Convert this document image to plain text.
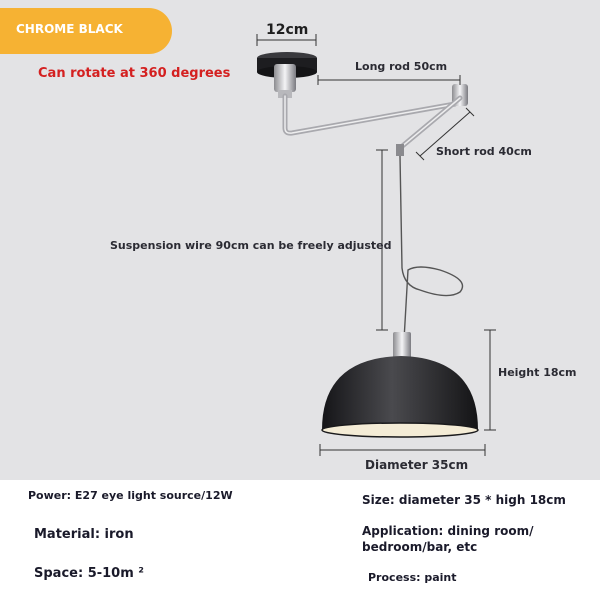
CHROME BLACK
Can rotate at 360 degrees
12cm
Long rod 50cm
Short rod 40cm
Suspension wire 90cm can be freely adjusted
Height 18cm
Diameter 35cm
Power: E27 eye light source/12W
Material: iron
Space: 5-10m ²
Size: diameter 35 * high 18cm
Application: dining room/
bedroom/bar, etc
Process: paint
